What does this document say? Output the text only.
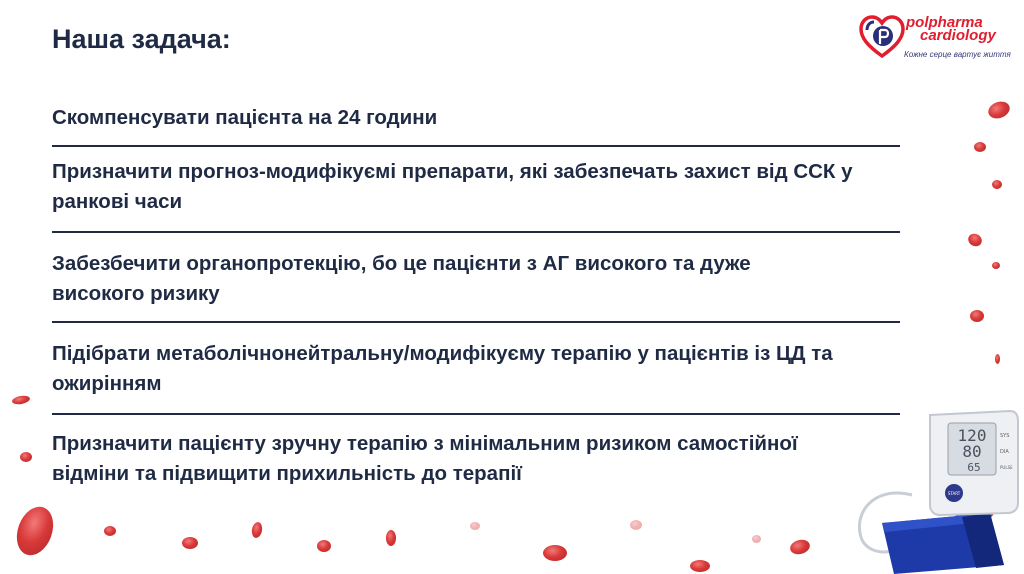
Наша задача:
polpharma
cardiology
Кожне серце вартує життя
Скомпенсувати пацієнта на 24 години
Призначити прогноз-модифікуємі препарати, які забезпечать захист від ССК у ранкові часи
Забезбечити органопротекцію, бо це пацієнти з АГ високого та дуже високого ризику
Підібрати метаболічнонейтральну/модифікуєму терапію у пацієнтів із ЦД та ожирінням
Призначити пацієнту зручну терапію з мінімальним ризиком самостійної відміни та підвищити прихильність до терапії
120
80
65
SYS
DIA
PULSE
START
